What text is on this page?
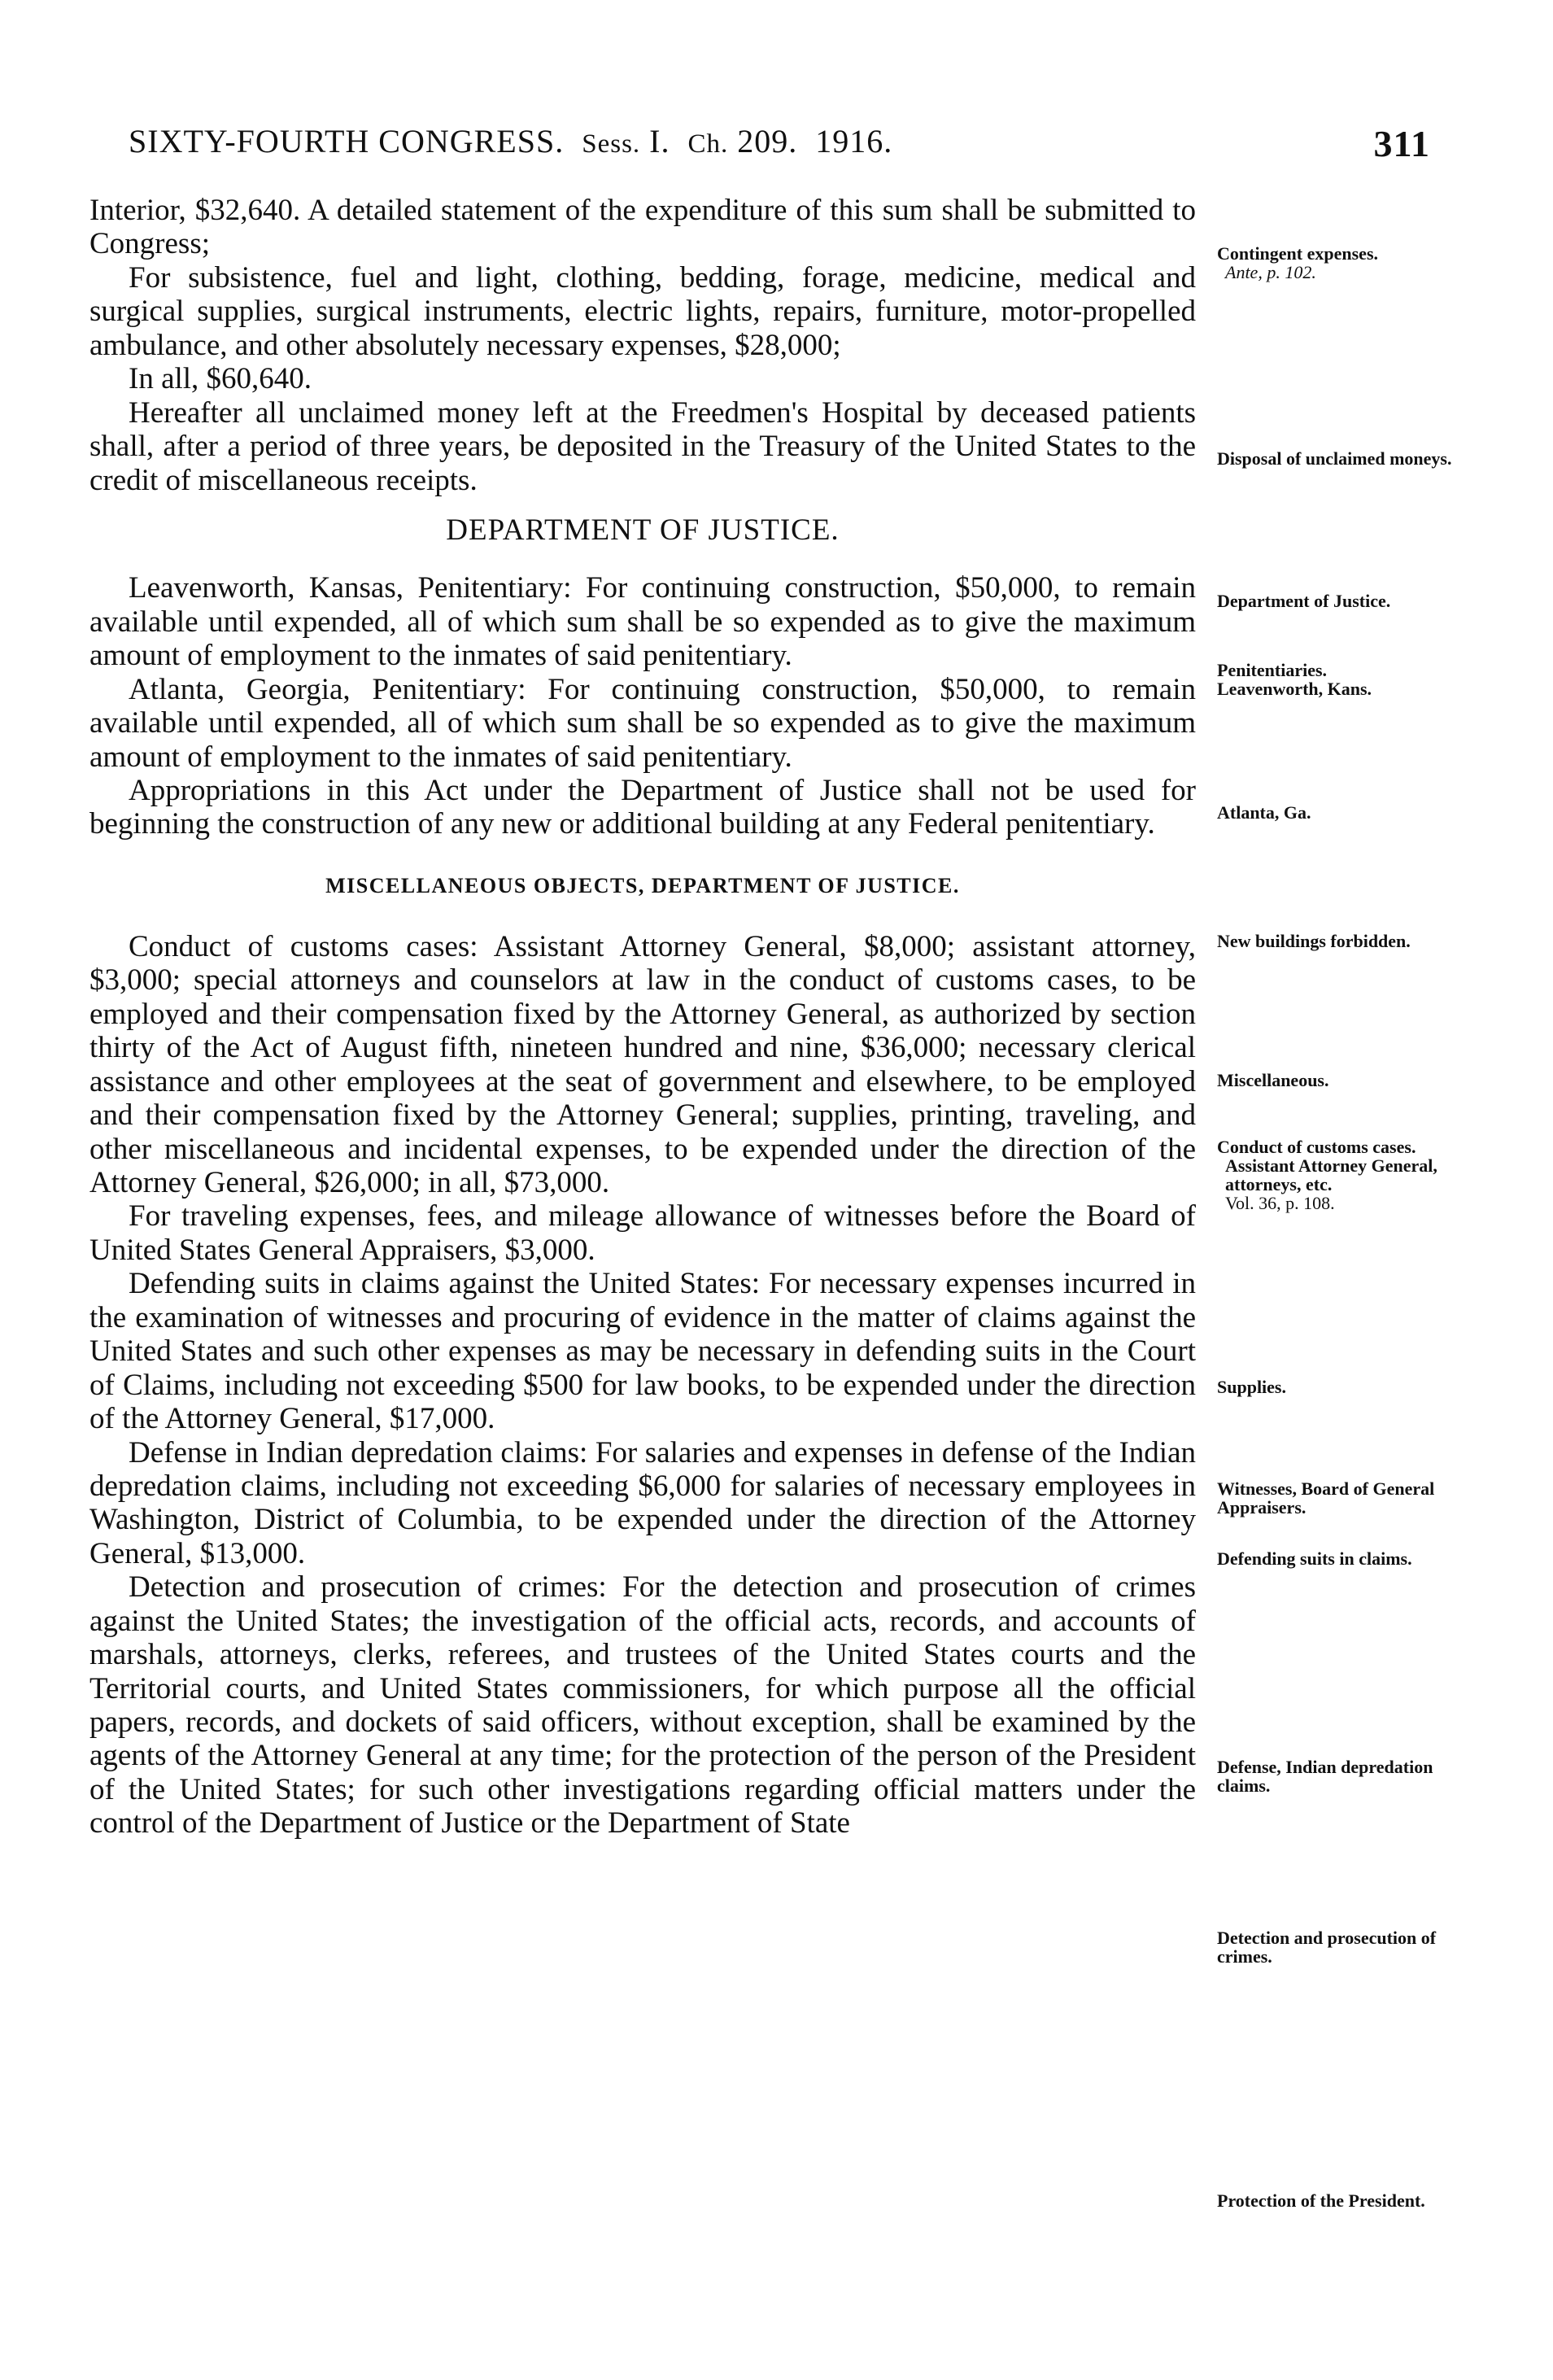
SIXTY-FOURTH CONGRESS. Sess. I. Ch. 209. 1916.	311

Interior, $32,640. A detailed statement of the expenditure of this sum shall be submitted to Congress;

For subsistence, fuel and light, clothing, bedding, forage, medicine, medical and surgical supplies, surgical instruments, electric lights, repairs, furniture, motor-propelled ambulance, and other absolutely necessary expenses, $28,000;

In all, $60,640.

Hereafter all unclaimed money left at the Freedmen's Hospital by deceased patients shall, after a period of three years, be deposited in the Treasury of the United States to the credit of miscellaneous receipts.

DEPARTMENT OF JUSTICE.

Leavenworth, Kansas, Penitentiary: For continuing construction, $50,000, to remain available until expended, all of which sum shall be so expended as to give the maximum amount of employment to the inmates of said penitentiary.

Atlanta, Georgia, Penitentiary: For continuing construction, $50,000, to remain available until expended, all of which sum shall be so expended as to give the maximum amount of employment to the inmates of said penitentiary.

Appropriations in this Act under the Department of Justice shall not be used for beginning the construction of any new or additional building at any Federal penitentiary.

MISCELLANEOUS OBJECTS, DEPARTMENT OF JUSTICE.

Conduct of customs cases: Assistant Attorney General, $8,000; assistant attorney, $3,000; special attorneys and counselors at law in the conduct of customs cases, to be employed and their compensation fixed by the Attorney General, as authorized by section thirty of the Act of August fifth, nineteen hundred and nine, $36,000; necessary clerical assistance and other employees at the seat of government and elsewhere, to be employed and their compensation fixed by the Attorney General; supplies, printing, traveling, and other miscellaneous and incidental expenses, to be expended under the direction of the Attorney General, $26,000; in all, $73,000.

For traveling expenses, fees, and mileage allowance of witnesses before the Board of United States General Appraisers, $3,000.

Defending suits in claims against the United States: For necessary expenses incurred in the examination of witnesses and procuring of evidence in the matter of claims against the United States and such other expenses as may be necessary in defending suits in the Court of Claims, including not exceeding $500 for law books, to be expended under the direction of the Attorney General, $17,000.

Defense in Indian depredation claims: For salaries and expenses in defense of the Indian depredation claims, including not exceeding $6,000 for salaries of necessary employees in Washington, District of Columbia, to be expended under the direction of the Attorney General, $13,000.

Detection and prosecution of crimes: For the detection and prosecution of crimes against the United States; the investigation of the official acts, records, and accounts of marshals, attorneys, clerks, referees, and trustees of the United States courts and the Territorial courts, and United States commissioners, for which purpose all the official papers, records, and dockets of said officers, without exception, shall be examined by the agents of the Attorney General at any time; for the protection of the person of the President of the United States; for such other investigations regarding official matters under the control of the Department of Justice or the Department of State

Contingent expenses.
Ante, p. 102.
Disposal of unclaimed moneys.
Department of Justice.
Penitentiaries.
Leavenworth, Kans.
Atlanta, Ga.
New buildings forbidden.
Miscellaneous.
Conduct of customs cases.
Assistant Attorney General, attorneys, etc.
Vol. 36, p. 108.
Supplies.
Witnesses, Board of General Appraisers.
Defending suits in claims.
Defense, Indian depredation claims.
Detection and prosecution of crimes.
Protection of the President.
